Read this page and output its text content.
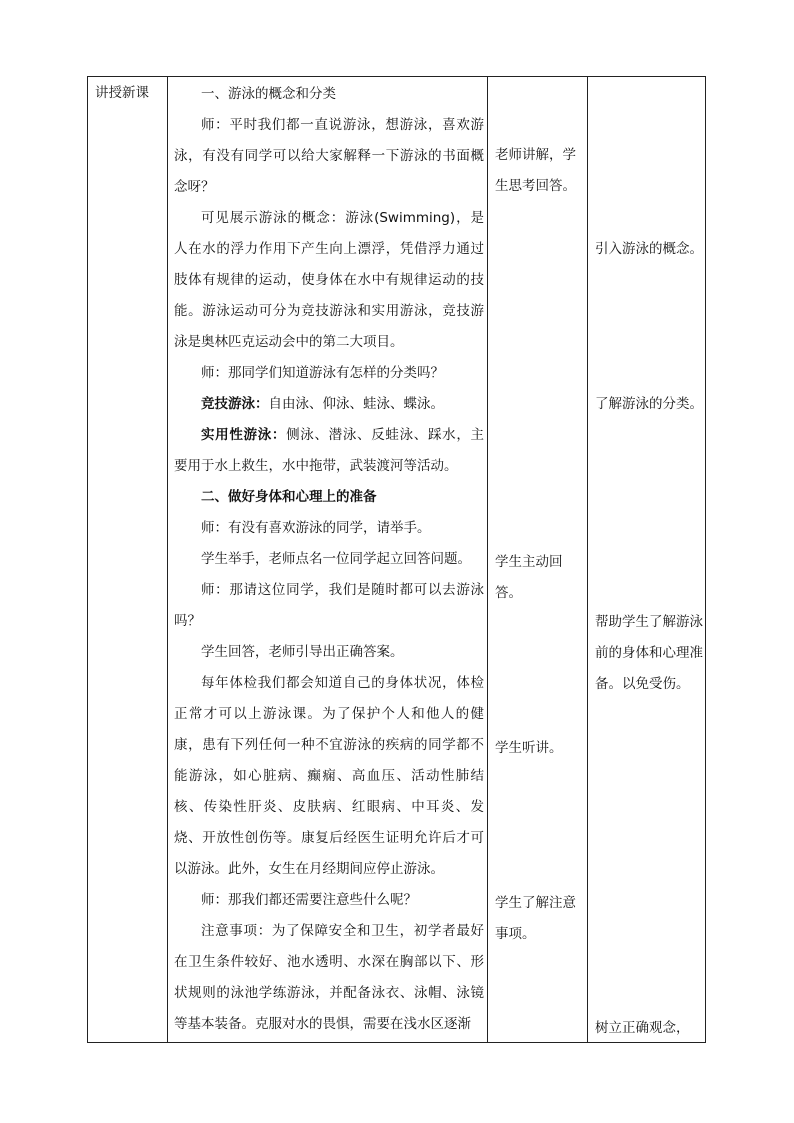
讲授新课	一、游泳的概念和分类

师：平时我们都一直说游泳，想游泳，喜欢游泳，有没有同学可以给大家解释一下游泳的书面概念呀？

可见展示游泳的概念：游泳(Swimming)，是人在水的浮力作用下产生向上漂浮，凭借浮力通过肢体有规律的运动，使身体在水中有规律运动的技能。游泳运动可分为竞技游泳和实用游泳，竞技游泳是奥林匹克运动会中的第二大项目。

师：那同学们知道游泳有怎样的分类吗？

竞技游泳：自由泳、仰泳、蛙泳、蝶泳。

实用性游泳：侧泳、潜泳、反蛙泳、踩水，主要用于水上救生，水中拖带，武装渡河等活动。

二、做好身体和心理上的准备

师：有没有喜欢游泳的同学，请举手。

学生举手，老师点名一位同学起立回答问题。

师：那请这位同学，我们是随时都可以去游泳吗？

学生回答，老师引导出正确答案。

每年体检我们都会知道自己的身体状况，体检正常才可以上游泳课。为了保护个人和他人的健康，患有下列任何一种不宜游泳的疾病的同学都不能游泳，如心脏病、癫痫、高血压、活动性肺结核、传染性肝炎、皮肤病、红眼病、中耳炎、发烧、开放性创伤等。康复后经医生证明允许后才可以游泳。此外，女生在月经期间应停止游泳。

师：那我们都还需要注意些什么呢？

注意事项：为了保障安全和卫生，初学者最好在卫生条件较好、池水透明、水深在胸部以下、形状规则的泳池学练游泳，并配备泳衣、泳帽、泳镜等基本装备。克服对水的畏惧，需要在浅水区逐渐

老师讲解，学生思考回答。

学生主动回答。

学生听讲。

学生了解注意事项。

引入游泳的概念。

了解游泳的分类。

帮助学生了解游泳前的身体和心理准备。以免受伤。

树立正确观念，
